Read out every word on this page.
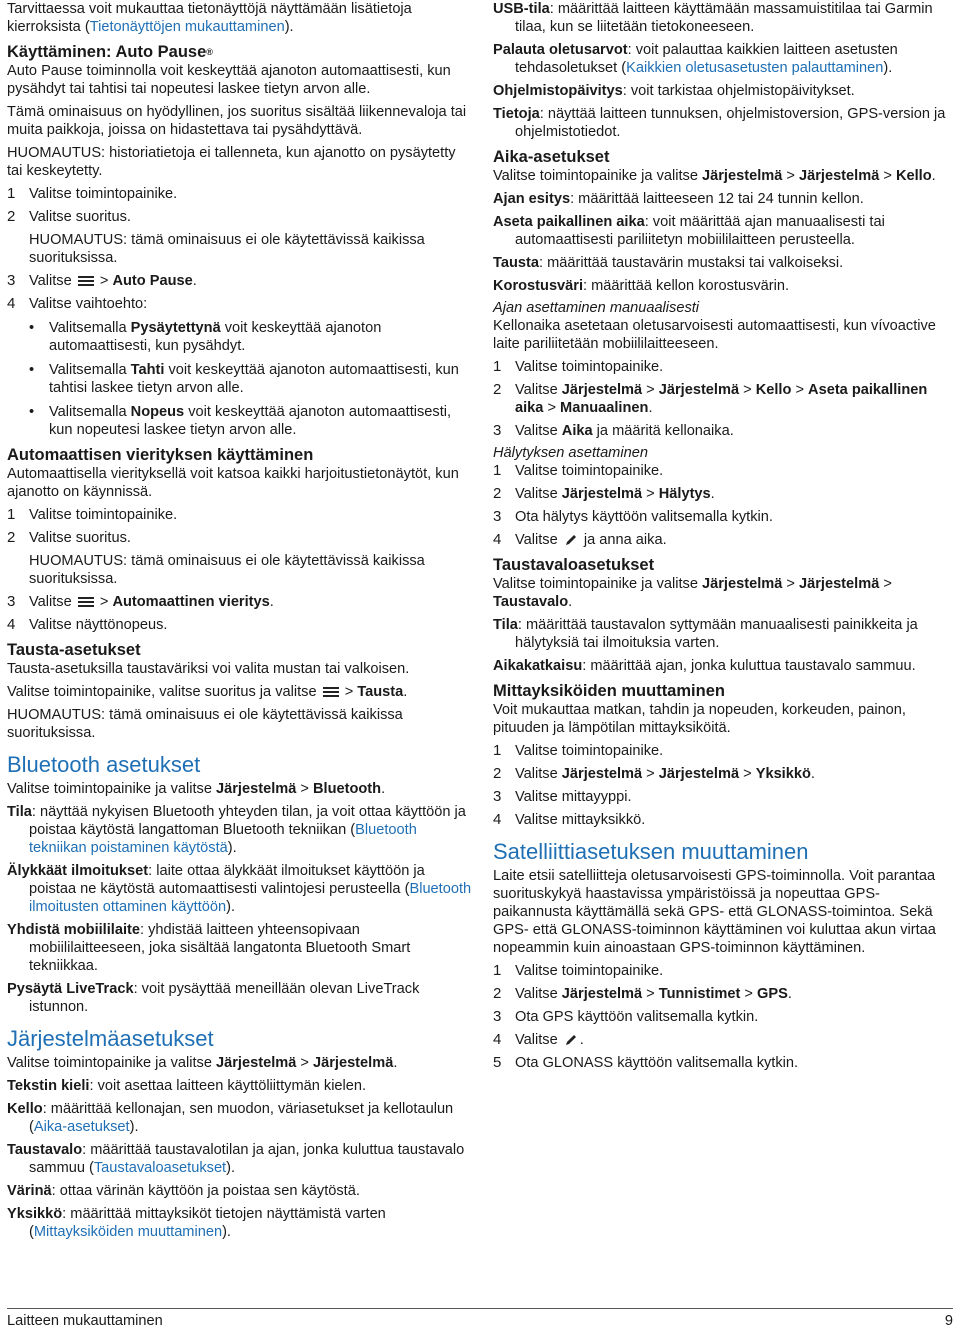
Tarvittaessa voit mukauttaa tietonäyttöjä näyttämään lisätietoja kierroksista (Tietonäyttöjen mukauttaminen).

Käyttäminen: Auto Pause®

Auto Pause toiminnolla voit keskeyttää ajanoton automaattisesti, kun pysähdyt tai tahtisi tai nopeutesi laskee tietyn arvon alle.

Tämä ominaisuus on hyödyllinen, jos suoritus sisältää liikennevaloja tai muita paikkoja, joissa on hidastettava tai pysähdyttävä.

HUOMAUTUS: historiatietoja ei tallenneta, kun ajanotto on pysäytetty tai keskeytetty.

1 Valitse toimintopainike.
2 Valitse suoritus.

HUOMAUTUS: tämä ominaisuus ei ole käytettävissä kaikissa suorituksissa.

3 Valitse > Auto Pause.
4 Valitse vaihtoehto:
•	Valitsemalla Pysäytettynä voit keskeyttää ajanoton automaattisesti, kun pysähdyt.
•	Valitsemalla Tahti voit keskeyttää ajanoton automaattisesti, kun tahtisi laskee tietyn arvon alle.
•	Valitsemalla Nopeus voit keskeyttää ajanoton automaattisesti, kun nopeutesi laskee tietyn arvon alle.
Automaattisen vierityksen käyttäminen

Automaattisella vierityksellä voit katsoa kaikki harjoitustietonäytöt, kun ajanotto on käynnissä.

1 Valitse toimintopainike.
2 Valitse suoritus.

HUOMAUTUS: tämä ominaisuus ei ole käytettävissä kaikissa suorituksissa.

3 Valitse > Automaattinen vieritys.
4 Valitse näyttönopeus.
Tausta-asetukset

Tausta-asetuksilla taustaväriksi voi valita mustan tai valkoisen.

Valitse toimintopainike, valitse suoritus ja valitse > Tausta.

HUOMAUTUS: tämä ominaisuus ei ole käytettävissä kaikissa suorituksissa.

Bluetooth asetukset

Valitse toimintopainike ja valitse Järjestelmä > Bluetooth.

Tila: näyttää nykyisen Bluetooth yhteyden tilan, ja voit ottaa käyttöön ja poistaa käytöstä langattoman Bluetooth tekniikan (Bluetooth tekniikan poistaminen käytöstä).

Älykkäät ilmoitukset: laite ottaa älykkäät ilmoitukset käyttöön ja poistaa ne käytöstä automaattisesti valintojesi perusteella (Bluetooth ilmoitusten ottaminen käyttöön).

Yhdistä mobiililaite: yhdistää laitteen yhteensopivaan mobiililaitteeseen, joka sisältää langatonta Bluetooth Smart tekniikkaa.

Pysäytä LiveTrack: voit pysäyttää meneillään olevan LiveTrack istunnon.

Järjestelmäasetukset

Valitse toimintopainike ja valitse Järjestelmä > Järjestelmä.

Tekstin kieli: voit asettaa laitteen käyttöliittymän kielen.

Kello: määrittää kellonajan, sen muodon, väriasetukset ja kellotaulun (Aika-asetukset).

Taustavalo: määrittää taustavalotilan ja ajan, jonka kuluttua taustavalo sammuu (Taustavaloasetukset).

Värinä: ottaa värinän käyttöön ja poistaa sen käytöstä.

Yksikkö: määrittää mittayksiköt tietojen näyttämistä varten (Mittayksiköiden muuttaminen).

USB-tila: määrittää laitteen käyttämään massamuistitilaa tai Garmin tilaa, kun se liitetään tietokoneeseen.

Palauta oletusarvot: voit palauttaa kaikkien laitteen asetusten tehdasoletukset (Kaikkien oletusasetusten palauttaminen).

Ohjelmistopäivitys: voit tarkistaa ohjelmistopäivitykset.

Tietoja: näyttää laitteen tunnuksen, ohjelmistoversion, GPS-version ja ohjelmistotiedot.

Aika-asetukset

Valitse toimintopainike ja valitse Järjestelmä > Järjestelmä > Kello.

Ajan esitys: määrittää laitteeseen 12 tai 24 tunnin kellon.

Aseta paikallinen aika: voit määrittää ajan manuaalisesti tai automaattisesti pariliitetyn mobiililaitteen perusteella.

Tausta: määrittää taustavärin mustaksi tai valkoiseksi.

Korostusväri: määrittää kellon korostusvärin.

Ajan asettaminen manuaalisesti

Kellonaika asetetaan oletusarvoisesti automaattisesti, kun vívoactive laite pariliitetään mobiililaitteeseen.

1 Valitse toimintopainike.
2 Valitse Järjestelmä > Järjestelmä > Kello > Aseta paikallinen aika > Manuaalinen.
3 Valitse Aika ja määritä kellonaika.
Hälytyksen asettaminen
1 Valitse toimintopainike.
2 Valitse Järjestelmä > Hälytys.
3 Ota hälytys käyttöön valitsemalla kytkin.
4 Valitse ja anna aika.
Taustavaloasetukset

Valitse toimintopainike ja valitse Järjestelmä > Järjestelmä > Taustavalo.

Tila: määrittää taustavalon syttymään manuaalisesti painikkeita ja hälytyksiä tai ilmoituksia varten.

Aikakatkaisu: määrittää ajan, jonka kuluttua taustavalo sammuu.

Mittayksiköiden muuttaminen

Voit mukauttaa matkan, tahdin ja nopeuden, korkeuden, painon, pituuden ja lämpötilan mittayksiköitä.

1 Valitse toimintopainike.
2 Valitse Järjestelmä > Järjestelmä > Yksikkö.
3 Valitse mittayyppi.
4 Valitse mittayksikkö.
Satelliittiasetuksen muuttaminen

Laite etsii satelliitteja oletusarvoisesti GPS-toiminnolla. Voit parantaa suorituskykyä haastavissa ympäristöissä ja nopeuttaa GPS-paikannusta käyttämällä sekä GPS- että GLONASS-toimintoa. Sekä GPS- että GLONASS-toiminnon käyttäminen voi kuluttaa akun virtaa nopeammin kuin ainoastaan GPS-toiminnon käyttäminen.

1 Valitse toimintopainike.
2 Valitse Järjestelmä > Tunnistimet > GPS.
3 Ota GPS käyttöön valitsemalla kytkin.
4 Valitse .
5 Ota GLONASS käyttöön valitsemalla kytkin.
Laitteen mukauttaminen	9
